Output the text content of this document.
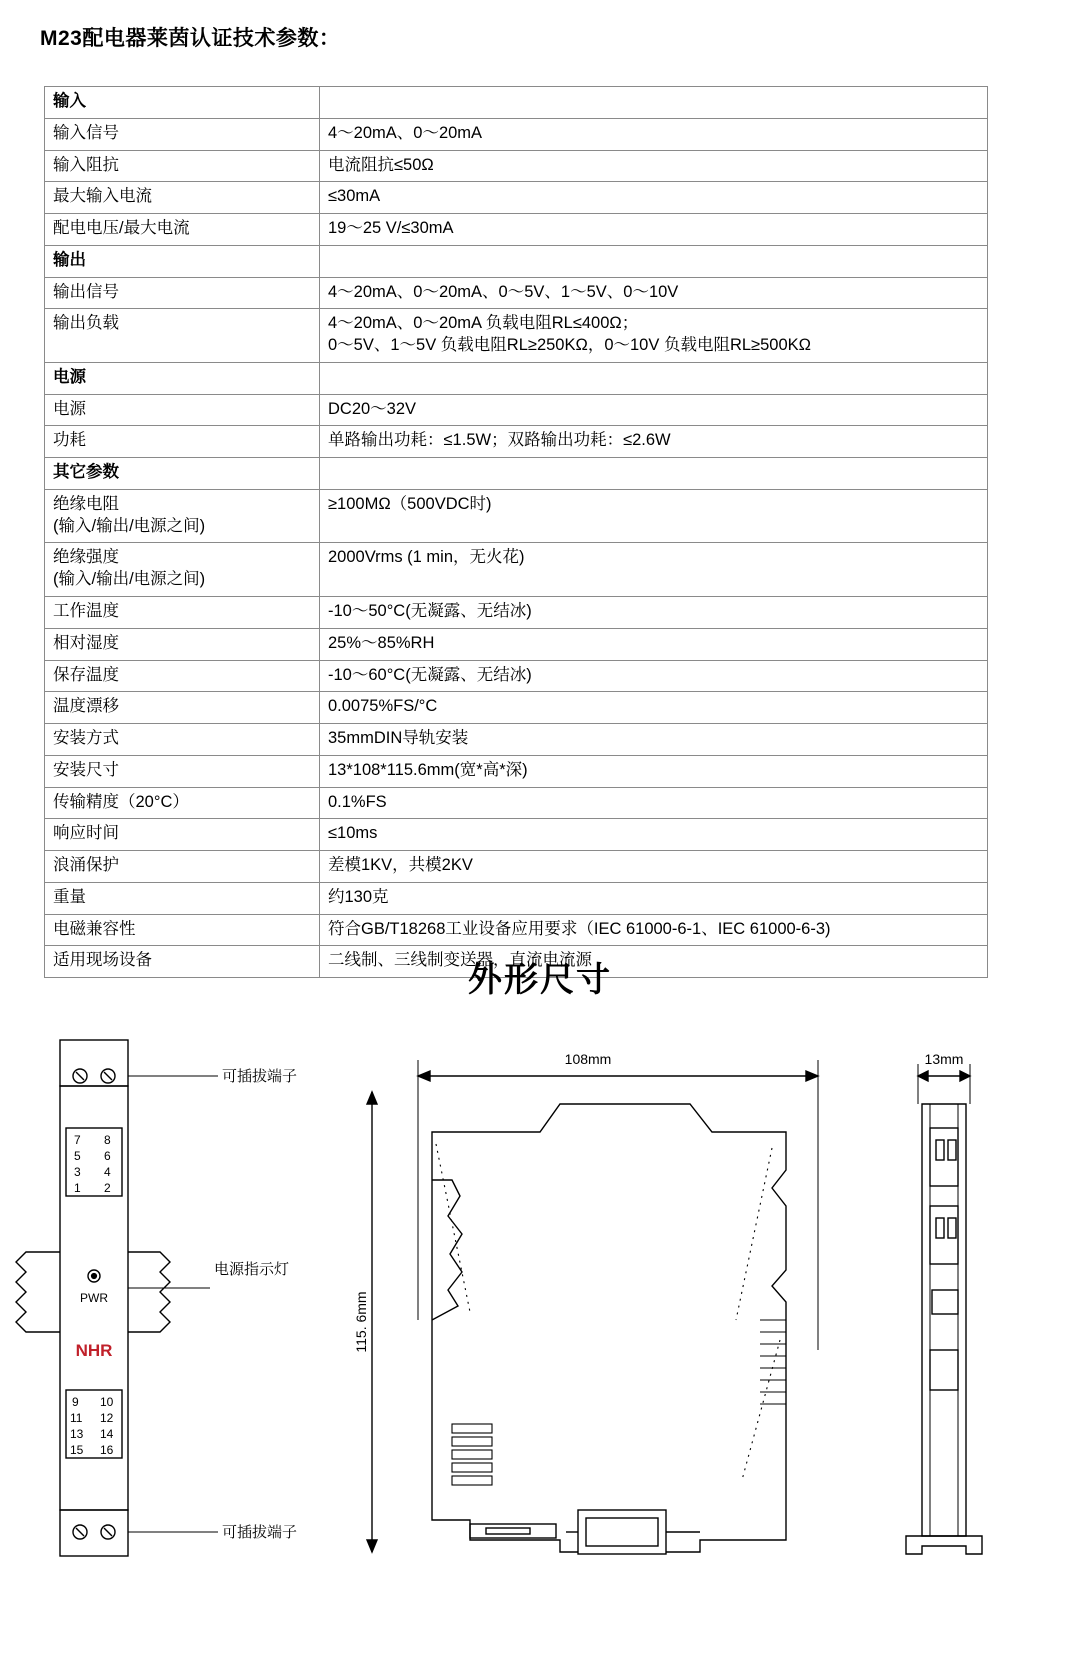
M23配电器莱茵认证技术参数：
输入	
输入信号	4～20mA、0～20mA
输入阻抗	电流阻抗≤50Ω
最大输入电流	≤30mA
配电电压/最大电流	19～25 V/≤30mA
输出	
输出信号	4～20mA、0～20mA、0～5V、1～5V、0～10V
输出负载	4～20mA、0～20mA 负载电阻RL≤400Ω；
0～5V、1～5V 负载电阻RL≥250KΩ，0～10V 负载电阻RL≥500KΩ

电源	
电源	DC20～32V
功耗	单路输出功耗：≤1.5W；双路输出功耗：≤2.6W
其它参数	

绝缘电阻
(输入/输出/电源之间)	≥100MΩ（500VDC时)

绝缘强度
(输入/输出/电源之间)	2000Vrms (1 min，无火花)
工作温度	-10～50°C(无凝露、无结冰)
相对湿度	25%～85%RH
保存温度	-10～60°C(无凝露、无结冰)
温度漂移	0.0075%FS/°C
安装方式	35mmDIN导轨安装
安装尺寸	13*108*115.6mm(宽*高*深)
传输精度（20°C）	0.1%FS
响应时间	≤10ms
浪涌保护	差模1KV，共模2KV
重量	约130克
电磁兼容性	符合GB/T18268工业设备应用要求（IEC 61000-6-1、IEC 61000-6-3)
适用现场设备	二线制、三线制变送器，直流电流源
外形尺寸
可插拔端子
电源指示灯
可插拔端子
108mm	13mm
115. 6mm
PWR
NHR
7 8
5 6
3 4
1 2
9 10
11 12
13 14
15 16
